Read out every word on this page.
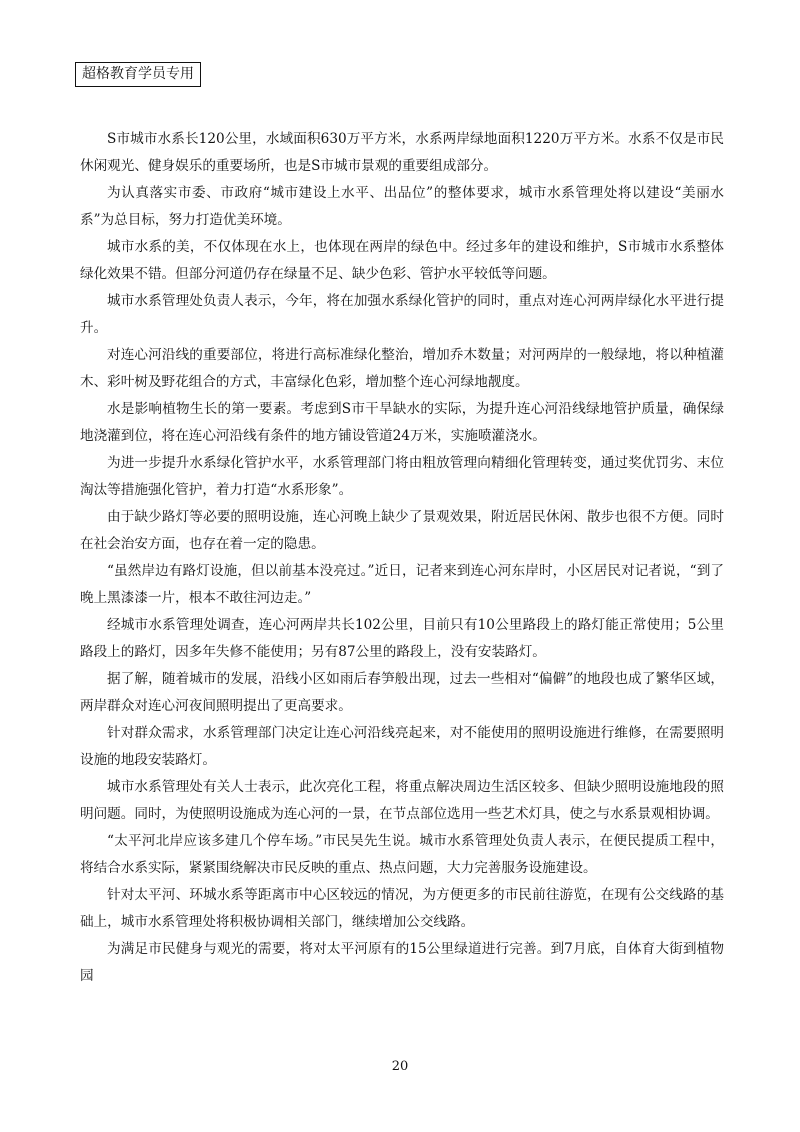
超格教育学员专用

S市城市水系长120公里，水域面积630万平方米，水系两岸绿地面积1220万平方米。水系不仅是市民休闲观光、健身娱乐的重要场所，也是S市城市景观的重要组成部分。

为认真落实市委、市政府“城市建设上水平、出品位”的整体要求，城市水系管理处将以建设“美丽水系”为总目标，努力打造优美环境。

城市水系的美，不仅体现在水上，也体现在两岸的绿色中。经过多年的建设和维护，S市城市水系整体绿化效果不错。但部分河道仍存在绿量不足、缺少色彩、管护水平较低等问题。

城市水系管理处负责人表示，今年，将在加强水系绿化管护的同时，重点对连心河两岸绿化水平进行提升。

对连心河沿线的重要部位，将进行高标准绿化整治，增加乔木数量；对河两岸的一般绿地，将以种植灌木、彩叶树及野花组合的方式，丰富绿化色彩，增加整个连心河绿地靓度。

水是影响植物生长的第一要素。考虑到S市干旱缺水的实际，为提升连心河沿线绿地管护质量，确保绿地浇灌到位，将在连心河沿线有条件的地方铺设管道24万米，实施喷灌浇水。

为进一步提升水系绿化管护水平，水系管理部门将由粗放管理向精细化管理转变，通过奖优罚劣、末位淘汰等措施强化管护，着力打造“水系形象”。

由于缺少路灯等必要的照明设施，连心河晚上缺少了景观效果，附近居民休闲、散步也很不方便。同时在社会治安方面，也存在着一定的隐患。

“虽然岸边有路灯设施，但以前基本没亮过。”近日，记者来到连心河东岸时，小区居民对记者说，“到了晚上黑漆漆一片，根本不敢往河边走。”

经城市水系管理处调查，连心河两岸共长102公里，目前只有10公里路段上的路灯能正常使用；5公里路段上的路灯，因多年失修不能使用；另有87公里的路段上，没有安装路灯。

据了解，随着城市的发展，沿线小区如雨后春笋般出现，过去一些相对“偏僻”的地段也成了繁华区域，两岸群众对连心河夜间照明提出了更高要求。

针对群众需求，水系管理部门决定让连心河沿线亮起来，对不能使用的照明设施进行维修，在需要照明设施的地段安装路灯。

城市水系管理处有关人士表示，此次亮化工程，将重点解决周边生活区较多、但缺少照明设施地段的照明问题。同时，为使照明设施成为连心河的一景，在节点部位选用一些艺术灯具，使之与水系景观相协调。

“太平河北岸应该多建几个停车场。”市民吴先生说。城市水系管理处负责人表示，在便民提质工程中，将结合水系实际，紧紧围绕解决市民反映的重点、热点问题，大力完善服务设施建设。

针对太平河、环城水系等距离市中心区较远的情况，为方便更多的市民前往游览，在现有公交线路的基础上，城市水系管理处将积极协调相关部门，继续增加公交线路。

为满足市民健身与观光的需要，将对太平河原有的15公里绿道进行完善。到7月底，自体育大街到植物园

20
